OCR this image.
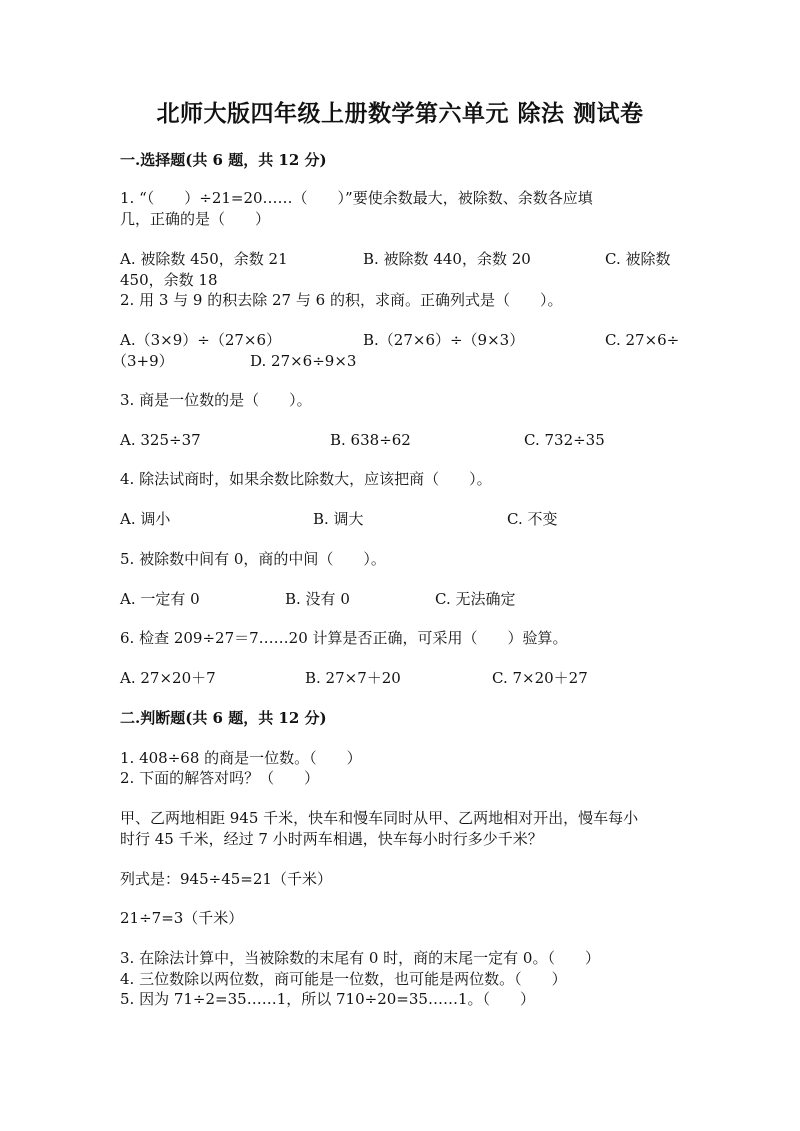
北师大版四年级上册数学第六单元 除法 测试卷
一.选择题(共 6 题，共 12 分)
1. “（　　）÷21=20……（　　）”要使余数最大，被除数、余数各应填
几，正确的是（　　）
A. 被除数 450，余数 21	B. 被除数 440，余数 20	C. 被除数
450，余数 18
2. 用 3 与 9 的积去除 27 与 6 的积，求商。正确列式是（　　）。
A.（3×9）÷（27×6）	B.（27×6）÷（9×3）	C. 27×6÷
（3+9）	D. 27×6÷9×3
3. 商是一位数的是（　　）。
A. 325÷37	B. 638÷62	C. 732÷35
4. 除法试商时，如果余数比除数大，应该把商（　　）。
A. 调小	B. 调大	C. 不变
5. 被除数中间有 0，商的中间（　　）。
A. 一定有 0	B. 没有 0	C. 无法确定
6. 检查 209÷27＝7……20 计算是否正确，可采用（　　）验算。
A. 27×20＋7	B. 27×7＋20	C. 7×20＋27
二.判断题(共 6 题，共 12 分)
1. 408÷68 的商是一位数。（　　）
2. 下面的解答对吗？（　　）
甲、乙两地相距 945 千米，快车和慢车同时从甲、乙两地相对开出，慢车每小
时行 45 千米，经过 7 小时两车相遇，快车每小时行多少千米？
列式是：945÷45=21（千米）
21÷7=3（千米）
3. 在除法计算中，当被除数的末尾有 0 时，商的末尾一定有 0。（　　）
4. 三位数除以两位数，商可能是一位数，也可能是两位数。（　　）
5. 因为 71÷2=35……1，所以 710÷20=35……1。（　　）
